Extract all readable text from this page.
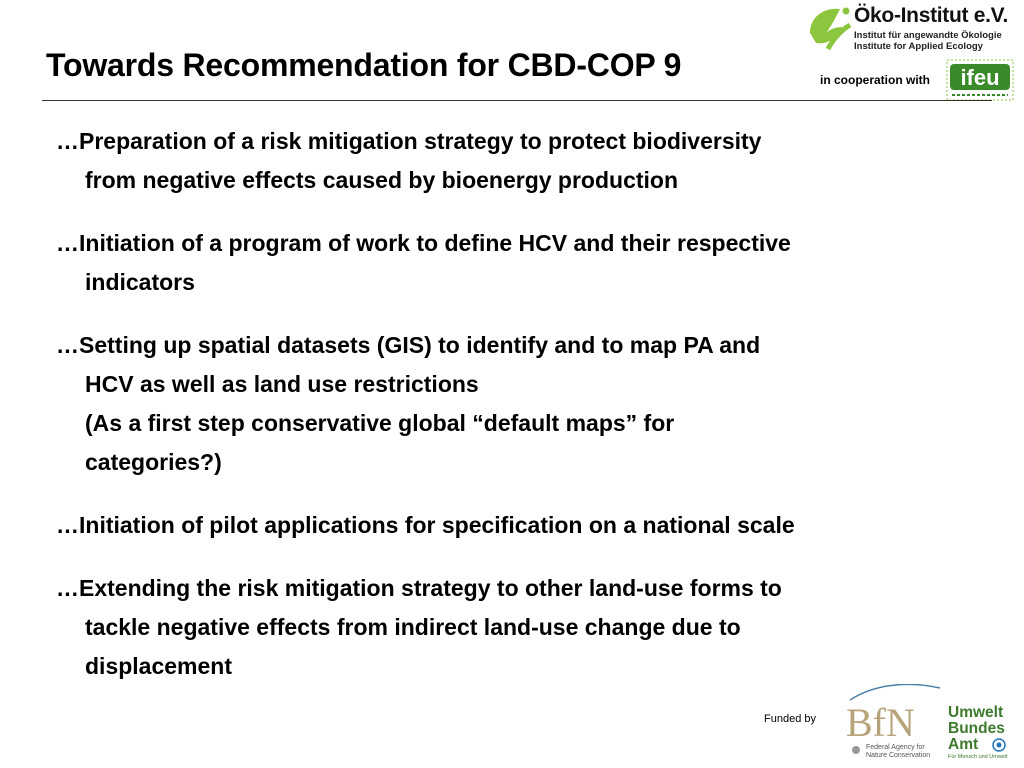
Towards Recommendation for CBD-COP 9
Öko-Institut e.V.
Institut für angewandte Ökologie
Institute for Applied Ecology
in cooperation with ifeu
…Preparation of a risk mitigation strategy to protect biodiversity
from negative effects caused by bioenergy production
…Initiation of a program of work to define HCV and their respective
indicators
…Setting up spatial datasets (GIS) to identify and to map PA and
HCV as well as land use restrictions
(As a first step conservative global “default maps” for
categories?)
…Initiation of pilot applications for specification on a national scale
…Extending the risk mitigation strategy to other land-use forms to
tackle negative effects from indirect land-use change due to
displacement
Funded by BfN
Federal Agency for
Nature Conservation
Umwelt
Bundes
Amt
Für Mensch und Umwelt
